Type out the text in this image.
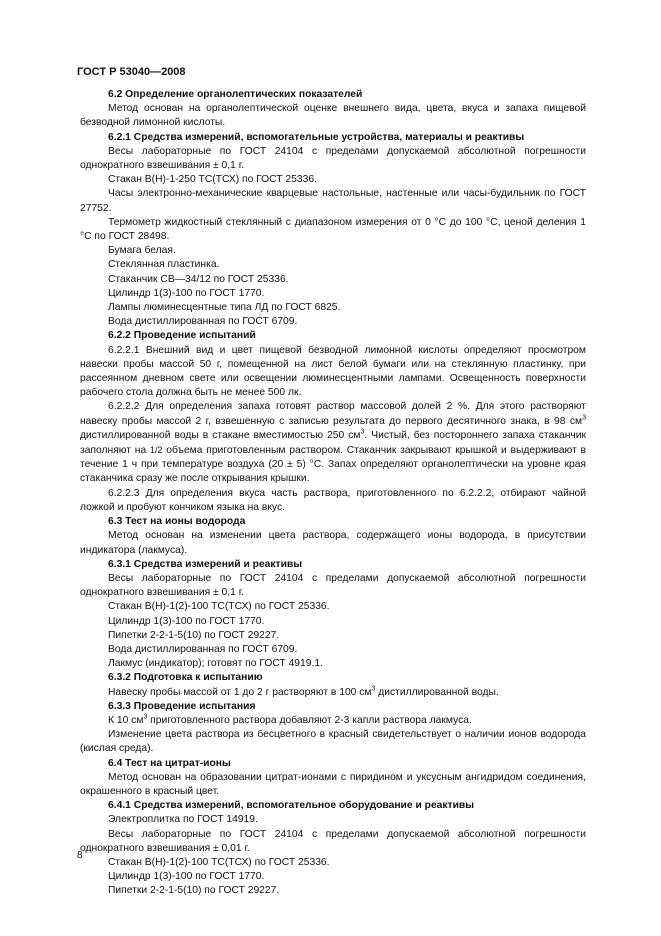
ГОСТ Р 53040—2008

6.2 Определение органолептических показателей

Метод основан на органолептической оценке внешнего вида, цвета, вкуса и запаха пищевой безводной лимонной кислоты.

6.2.1 Средства измерений, вспомогательные устройства, материалы и реактивы

Весы лабораторные по ГОСТ 24104 с пределами допускаемой абсолютной погрешности однократного взвешивания ± 0,1 г.

Стакан В(Н)-1-250 ТС(ТСХ) по ГОСТ 25336.

Часы электронно-механические кварцевые настольные, настенные или часы-будильник по ГОСТ 27752.

Термометр жидкостный стеклянный с диапазоном измерения от 0 °С до 100 °С, ценой деления 1 °С по ГОСТ 28498.

Бумага белая.

Стеклянная пластинка.

Стаканчик СВ—34/12 по ГОСТ 25336.

Цилиндр 1(3)-100 по ГОСТ 1770.

Лампы люминесцентные типа ЛД по ГОСТ 6825.

Вода дистиллированная по ГОСТ 6709.

6.2.2 Проведение испытаний

6.2.2.1 Внешний вид и цвет пищевой безводной лимонной кислоты определяют просмотром навески пробы массой 50 г, помещенной на лист белой бумаги или на стеклянную пластинку, при рассеянном дневном свете или освещении люминесцентными лампами. Освещенность поверхности рабочего стола должна быть не менее 500 лк.

6.2.2.2 Для определения запаха готовят раствор массовой долей 2 %. Для этого растворяют навеску пробы массой 2 г, взвешенную с записью результата до первого десятичного знака, в 98 $см^3$ дистиллированной воды в стакане вместимостью 250 $см^3$. Чистый, без постороннего запаха стаканчик заполняют на 1/2 объема приготовленным раствором. Стаканчик закрывают крышкой и выдерживают в течение 1 ч при температуре воздуха (20 ± 5) °С. Запах определяют органолептически на уровне края стаканчика сразу же после открывания крышки.

6.2.2.3 Для определения вкуса часть раствора, приготовленного по 6.2.2.2, отбирают чайной ложкой и пробуют кончиком языка на вкус.

6.3 Тест на ионы водорода

Метод основан на изменении цвета раствора, содержащего ионы водорода, в присутствии индикатора (лакмуса).

6.3.1 Средства измерений и реактивы

Весы лабораторные по ГОСТ 24104 с пределами допускаемой абсолютной погрешности однократного взвешивания ± 0,1 г.

Стакан В(Н)-1(2)-100 ТС(ТСХ) по ГОСТ 25336.

Цилиндр 1(3)-100 по ГОСТ 1770.

Пипетки 2-2-1-5(10) по ГОСТ 29227.

Вода дистиллированная по ГОСТ 6709.

Лакмус (индикатор); готовят по ГОСТ 4919.1.

6.3.2 Подготовка к испытанию

Навеску пробы массой от 1 до 2 г растворяют в 100 $см^3$ дистиллированной воды.

6.3.3 Проведение испытания

К 10 $см^3$ приготовленного раствора добавляют 2-3 капли раствора лакмуса.

Изменение цвета раствора из бесцветного в красный свидетельствует о наличии ионов водорода (кислая среда).

6.4 Тест на цитрат-ионы

Метод основан на образовании цитрат-ионами с пиридином и уксусным ангидридом соединения, окрашенного в красный цвет.

6.4.1 Средства измерений, вспомогательное оборудование и реактивы

Электроплитка по ГОСТ 14919.

Весы лабораторные по ГОСТ 24104 с пределами допускаемой абсолютной погрешности однократного взвешивания ± 0,01 г.

Стакан В(Н)-1(2)-100 ТС(ТСХ) по ГОСТ 25336.

Цилиндр 1(3)-100 по ГОСТ 1770.

Пипетки 2-2-1-5(10) по ГОСТ 29227.

8
